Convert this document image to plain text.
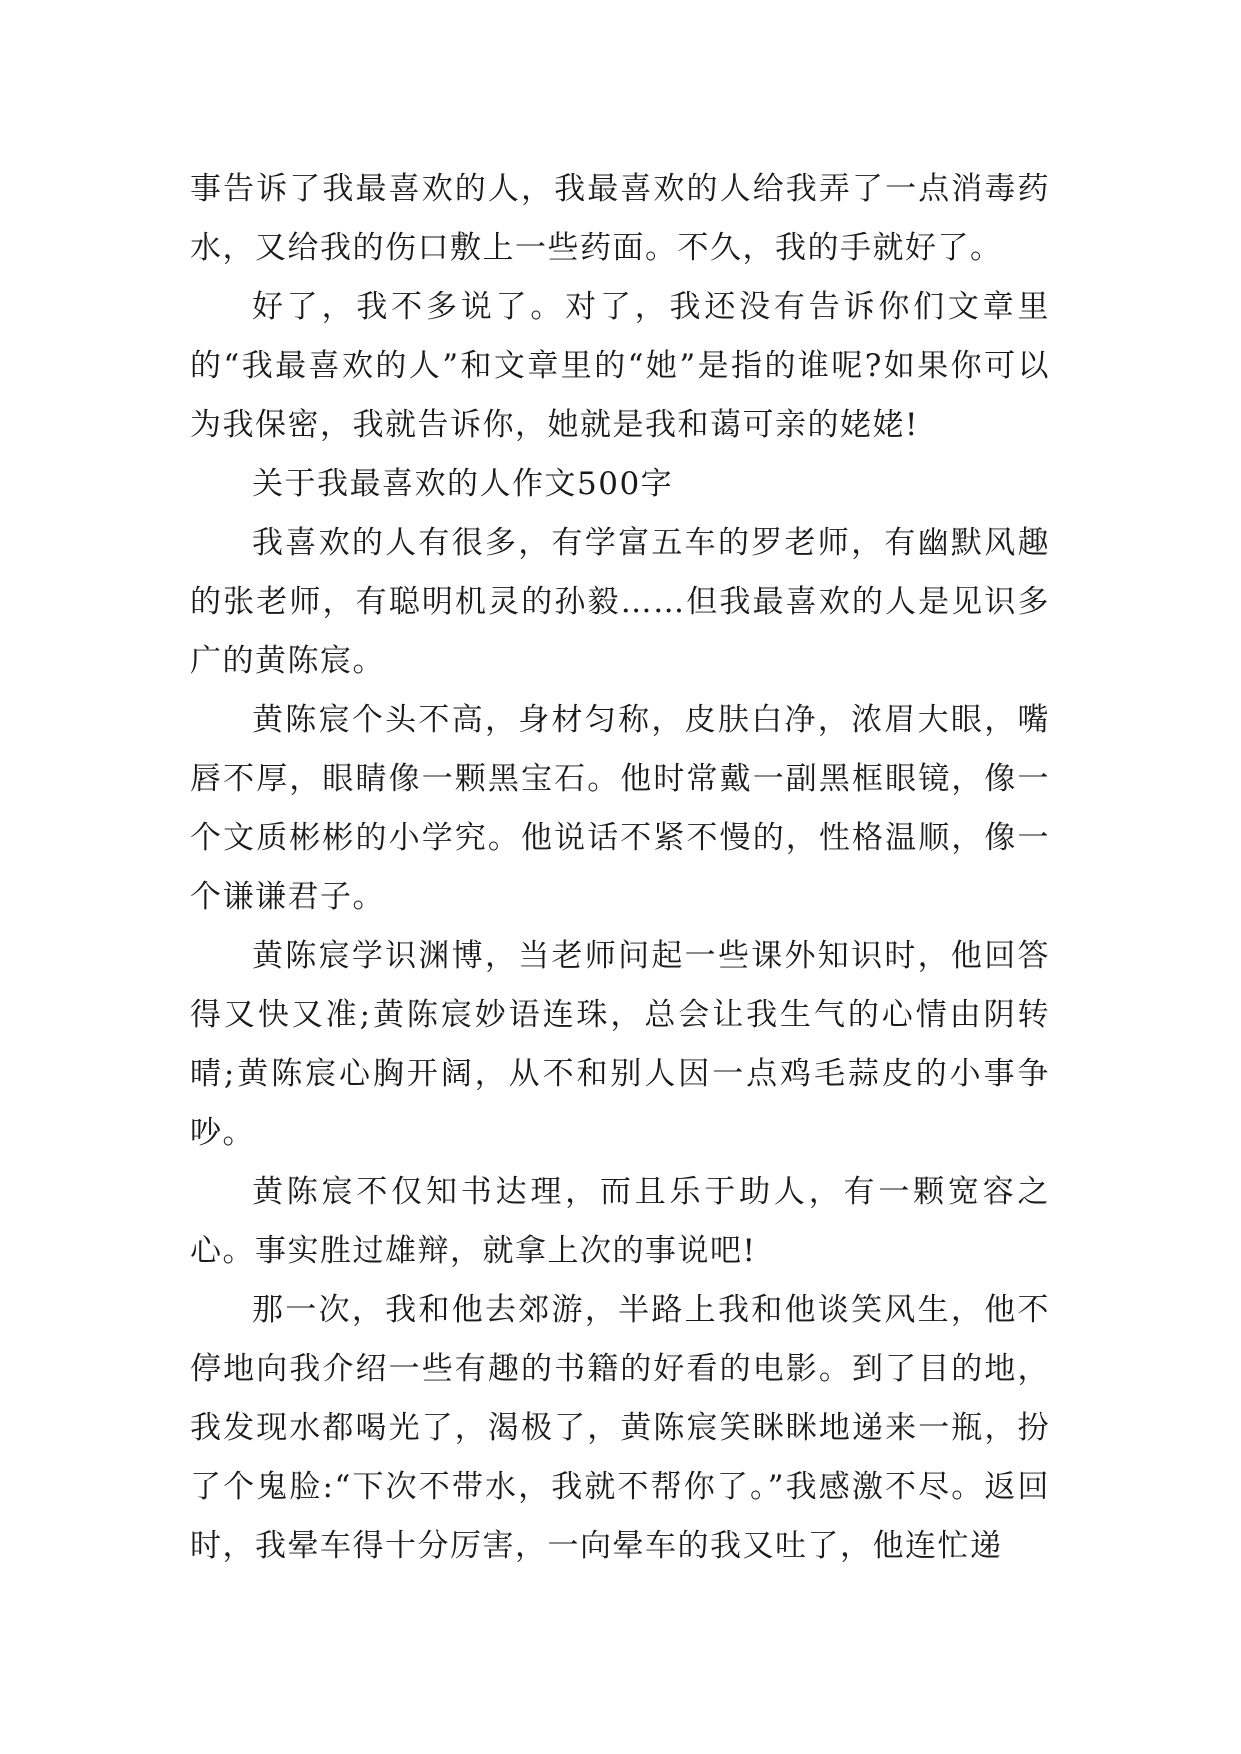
事告诉了我最喜欢的人，我最喜欢的人给我弄了一点消毒药水，又给我的伤口敷上一些药面。不久，我的手就好了。

好了，我不多说了。对了，我还没有告诉你们文章里的“我最喜欢的人”和文章里的“她”是指的谁呢?如果你可以为我保密，我就告诉你，她就是我和蔼可亲的姥姥!

关于我最喜欢的人作文500字

我喜欢的人有很多，有学富五车的罗老师，有幽默风趣的张老师，有聪明机灵的孙毅……但我最喜欢的人是见识多广的黄陈宸。

黄陈宸个头不高，身材匀称，皮肤白净，浓眉大眼，嘴唇不厚，眼睛像一颗黑宝石。他时常戴一副黑框眼镜，像一个文质彬彬的小学究。他说话不紧不慢的，性格温顺，像一个谦谦君子。

黄陈宸学识渊博，当老师问起一些课外知识时，他回答得又快又准;黄陈宸妙语连珠，总会让我生气的心情由阴转晴;黄陈宸心胸开阔，从不和别人因一点鸡毛蒜皮的小事争吵。

黄陈宸不仅知书达理，而且乐于助人，有一颗宽容之心。事实胜过雄辩，就拿上次的事说吧!

那一次，我和他去郊游，半路上我和他谈笑风生，他不停地向我介绍一些有趣的书籍的好看的电影。到了目的地，我发现水都喝光了，渴极了，黄陈宸笑眯眯地递来一瓶，扮了个鬼脸:“下次不带水，我就不帮你了。”我感激不尽。返回时，我晕车得十分厉害，一向晕车的我又吐了，他连忙递
